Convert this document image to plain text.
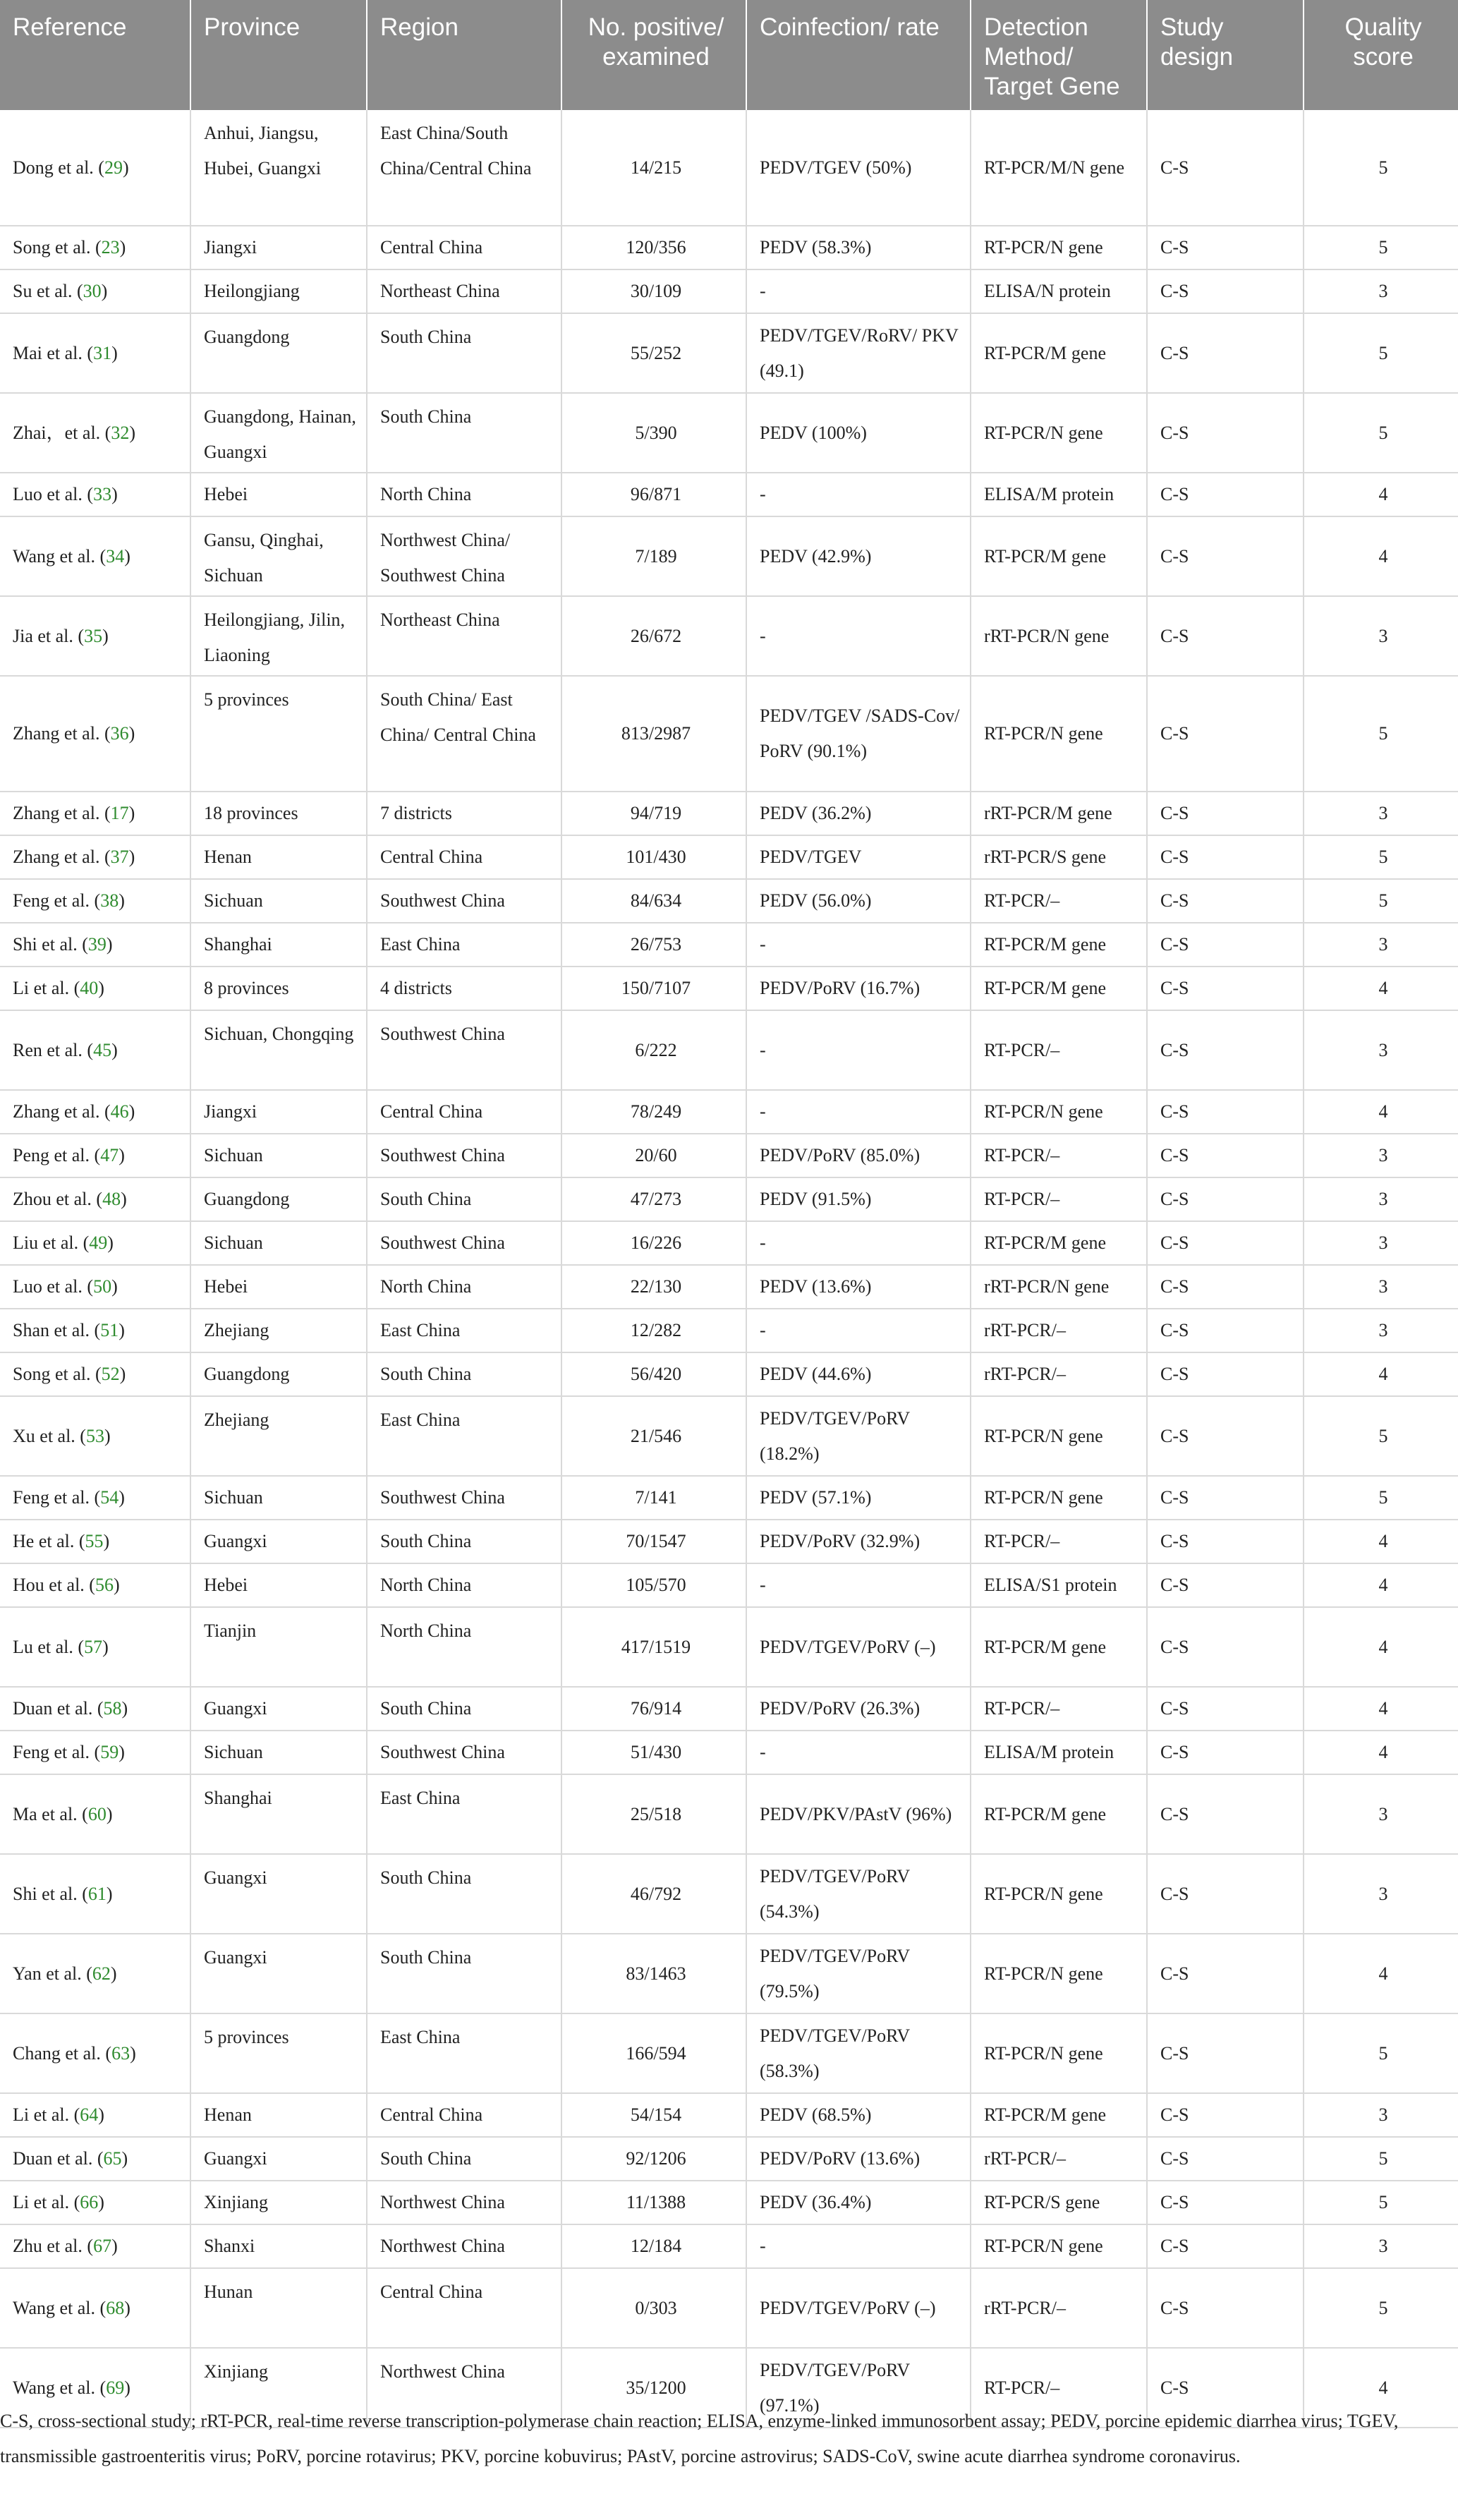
Reference	Province	Region	No. positive/ examined	Coinfection/ rate	Detection Method/ Target Gene	Study design	Quality score
Dong et al. (29)	Anhui, Jiangsu, Hubei, Guangxi	East China/South China/Central China	14/215	PEDV/TGEV (50%)	RT-PCR/M/N gene	C-S	5
Song et al. (23)	Jiangxi	Central China	120/356	PEDV (58.3%)	RT-PCR/N gene	C-S	5
Su et al. (30)	Heilongjiang	Northeast China	30/109	-	ELISA/N protein	C-S	3
Mai et al. (31)	Guangdong	South China	55/252	PEDV/TGEV/RoRV/ PKV (49.1)	RT-PCR/M gene	C-S	5
Zhai，et al. (32)	Guangdong, Hainan, Guangxi	South China	5/390	PEDV (100%)	RT-PCR/N gene	C-S	5
Luo et al. (33)	Hebei	North China	96/871	-	ELISA/M protein	C-S	4
Wang et al. (34)	Gansu, Qinghai, Sichuan	Northwest China/ Southwest China	7/189	PEDV (42.9%)	RT-PCR/M gene	C-S	4
Jia et al. (35)	Heilongjiang, Jilin, Liaoning	Northeast China	26/672	-	rRT-PCR/N gene	C-S	3
Zhang et al. (36)	5 provinces	South China/ East China/ Central China	813/2987	PEDV/TGEV /SADS-Cov/ PoRV (90.1%)	RT-PCR/N gene	C-S	5
Zhang et al. (17)	18 provinces	7 districts	94/719	PEDV (36.2%)	rRT-PCR/M gene	C-S	3
Zhang et al. (37)	Henan	Central China	101/430	PEDV/TGEV	rRT-PCR/S gene	C-S	5
Feng et al. (38)	Sichuan	Southwest China	84/634	PEDV (56.0%)	RT-PCR/–	C-S	5
Shi et al. (39)	Shanghai	East China	26/753	-	RT-PCR/M gene	C-S	3
Li et al. (40)	8 provinces	4 districts	150/7107	PEDV/PoRV (16.7%)	RT-PCR/M gene	C-S	4
Ren et al. (45)	Sichuan, Chongqing	Southwest China	6/222	-	RT-PCR/–	C-S	3
Zhang et al. (46)	Jiangxi	Central China	78/249	-	RT-PCR/N gene	C-S	4
Peng et al. (47)	Sichuan	Southwest China	20/60	PEDV/PoRV (85.0%)	RT-PCR/–	C-S	3
Zhou et al. (48)	Guangdong	South China	47/273	PEDV (91.5%)	RT-PCR/–	C-S	3
Liu et al. (49)	Sichuan	Southwest China	16/226	-	RT-PCR/M gene	C-S	3
Luo et al. (50)	Hebei	North China	22/130	PEDV (13.6%)	rRT-PCR/N gene	C-S	3
Shan et al. (51)	Zhejiang	East China	12/282	-	rRT-PCR/–	C-S	3
Song et al. (52)	Guangdong	South China	56/420	PEDV (44.6%)	rRT-PCR/–	C-S	4
Xu et al. (53)	Zhejiang	East China	21/546	PEDV/TGEV/PoRV (18.2%)	RT-PCR/N gene	C-S	5
Feng et al. (54)	Sichuan	Southwest China	7/141	PEDV (57.1%)	RT-PCR/N gene	C-S	5
He et al. (55)	Guangxi	South China	70/1547	PEDV/PoRV (32.9%)	RT-PCR/–	C-S	4
Hou et al. (56)	Hebei	North China	105/570	-	ELISA/S1 protein	C-S	4
Lu et al. (57)	Tianjin	North China	417/1519	PEDV/TGEV/PoRV (–)	RT-PCR/M gene	C-S	4
Duan et al. (58)	Guangxi	South China	76/914	PEDV/PoRV (26.3%)	RT-PCR/–	C-S	4
Feng et al. (59)	Sichuan	Southwest China	51/430	-	ELISA/M protein	C-S	4
Ma et al. (60)	Shanghai	East China	25/518	PEDV/PKV/PAstV (96%)	RT-PCR/M gene	C-S	3
Shi et al. (61)	Guangxi	South China	46/792	PEDV/TGEV/PoRV (54.3%)	RT-PCR/N gene	C-S	3
Yan et al. (62)	Guangxi	South China	83/1463	PEDV/TGEV/PoRV (79.5%)	RT-PCR/N gene	C-S	4
Chang et al. (63)	5 provinces	East China	166/594	PEDV/TGEV/PoRV (58.3%)	RT-PCR/N gene	C-S	5
Li et al. (64)	Henan	Central China	54/154	PEDV (68.5%)	RT-PCR/M gene	C-S	3
Duan et al. (65)	Guangxi	South China	92/1206	PEDV/PoRV (13.6%)	rRT-PCR/–	C-S	5
Li et al. (66)	Xinjiang	Northwest China	11/1388	PEDV (36.4%)	RT-PCR/S gene	C-S	5
Zhu et al. (67)	Shanxi	Northwest China	12/184	-	RT-PCR/N gene	C-S	3
Wang et al. (68)	Hunan	Central China	0/303	PEDV/TGEV/PoRV (–)	rRT-PCR/–	C-S	5
Wang et al. (69)	Xinjiang	Northwest China	35/1200	PEDV/TGEV/PoRV (97.1%)	RT-PCR/–	C-S	4
C-S, cross-sectional study; rRT-PCR, real-time reverse transcription-polymerase chain reaction; ELISA, enzyme-linked immunosorbent assay; PEDV, porcine epidemic diarrhea virus; TGEV, transmissible gastroenteritis virus; PoRV, porcine rotavirus; PKV, porcine kobuvirus; PAstV, porcine astrovirus; SADS-CoV, swine acute diarrhea syndrome coronavirus.
